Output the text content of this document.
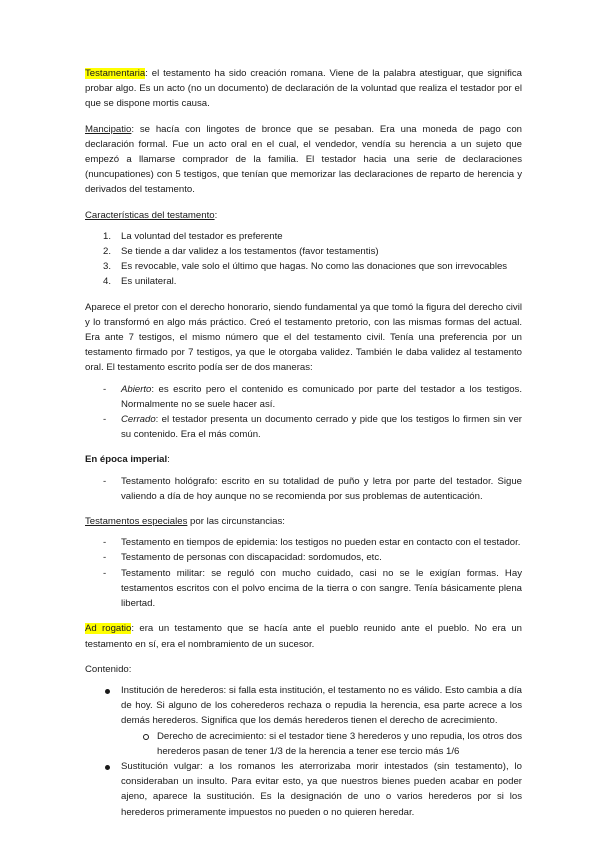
Testamentaria: el testamento ha sido creación romana. Viene de la palabra atestiguar, que significa probar algo. Es un acto (no un documento) de declaración de la voluntad que realiza el testador por el que se dispone mortis causa.

Mancipatio: se hacía con lingotes de bronce que se pesaban. Era una moneda de pago con declaración formal. Fue un acto oral en el cual, el vendedor, vendía su herencia a un sujeto que empezó a llamarse comprador de la familia. El testador hacia una serie de declaraciones (nuncupationes) con 5 testigos, que tenían que memorizar las declaraciones de reparto de herencia y derivados del testamento.

Características del testamento:

1. La voluntad del testador es preferente
2. Se tiende a dar validez a los testamentos (favor testamentis)
3. Es revocable, vale solo el último que hagas. No como las donaciones que son irrevocables
4. Es unilateral.

Aparece el pretor con el derecho honorario, siendo fundamental ya que tomó la figura del derecho civil y lo transformó en algo más práctico. Creó el testamento pretorio, con las mismas formas del actual. Era ante 7 testigos, el mismo número que el del testamento civil. Tenía una preferencia por un testamento firmado por 7 testigos, ya que le otorgaba validez. También le daba validez al testamento oral. El testamento escrito podía ser de dos maneras:

- Abierto: es escrito pero el contenido es comunicado por parte del testador a los testigos. Normalmente no se suele hacer así.
- Cerrado: el testador presenta un documento cerrado y pide que los testigos lo firmen sin ver su contenido. Era el más común.

En época imperial:

- Testamento hológrafo: escrito en su totalidad de puño y letra por parte del testador. Sigue valiendo a día de hoy aunque no se recomienda por sus problemas de autenticación.

Testamentos especiales por las circunstancias:

- Testamento en tiempos de epidemia: los testigos no pueden estar en contacto con el testador.
- Testamento de personas con discapacidad: sordomudos, etc.
- Testamento militar: se reguló con mucho cuidado, casi no se le exigían formas. Hay testamentos escritos con el polvo encima de la tierra o con sangre. Tenía básicamente plena libertad.

Ad rogatio: era un testamento que se hacía ante el pueblo reunido ante el pueblo. No era un testamento en sí, era el nombramiento de un sucesor.

Contenido:

Institución de herederos: si falla esta institución, el testamento no es válido. Esto cambia a día de hoy. Si alguno de los coherederos rechaza o repudia la herencia, esa parte acrece a los demás herederos. Significa que los demás herederos tienen el derecho de acrecimiento.
Derecho de acrecimiento: si el testador tiene 3 herederos y uno repudia, los otros dos herederos pasan de tener 1/3 de la herencia a tener ese tercio más 1/6
Sustitución vulgar: a los romanos les aterrorizaba morir intestados (sin testamento), lo consideraban un insulto. Para evitar esto, ya que nuestros bienes pueden acabar en poder ajeno, aparece la sustitución. Es la designación de uno o varios herederos por si los herederos primeramente impuestos no pueden o no quieren heredar.
